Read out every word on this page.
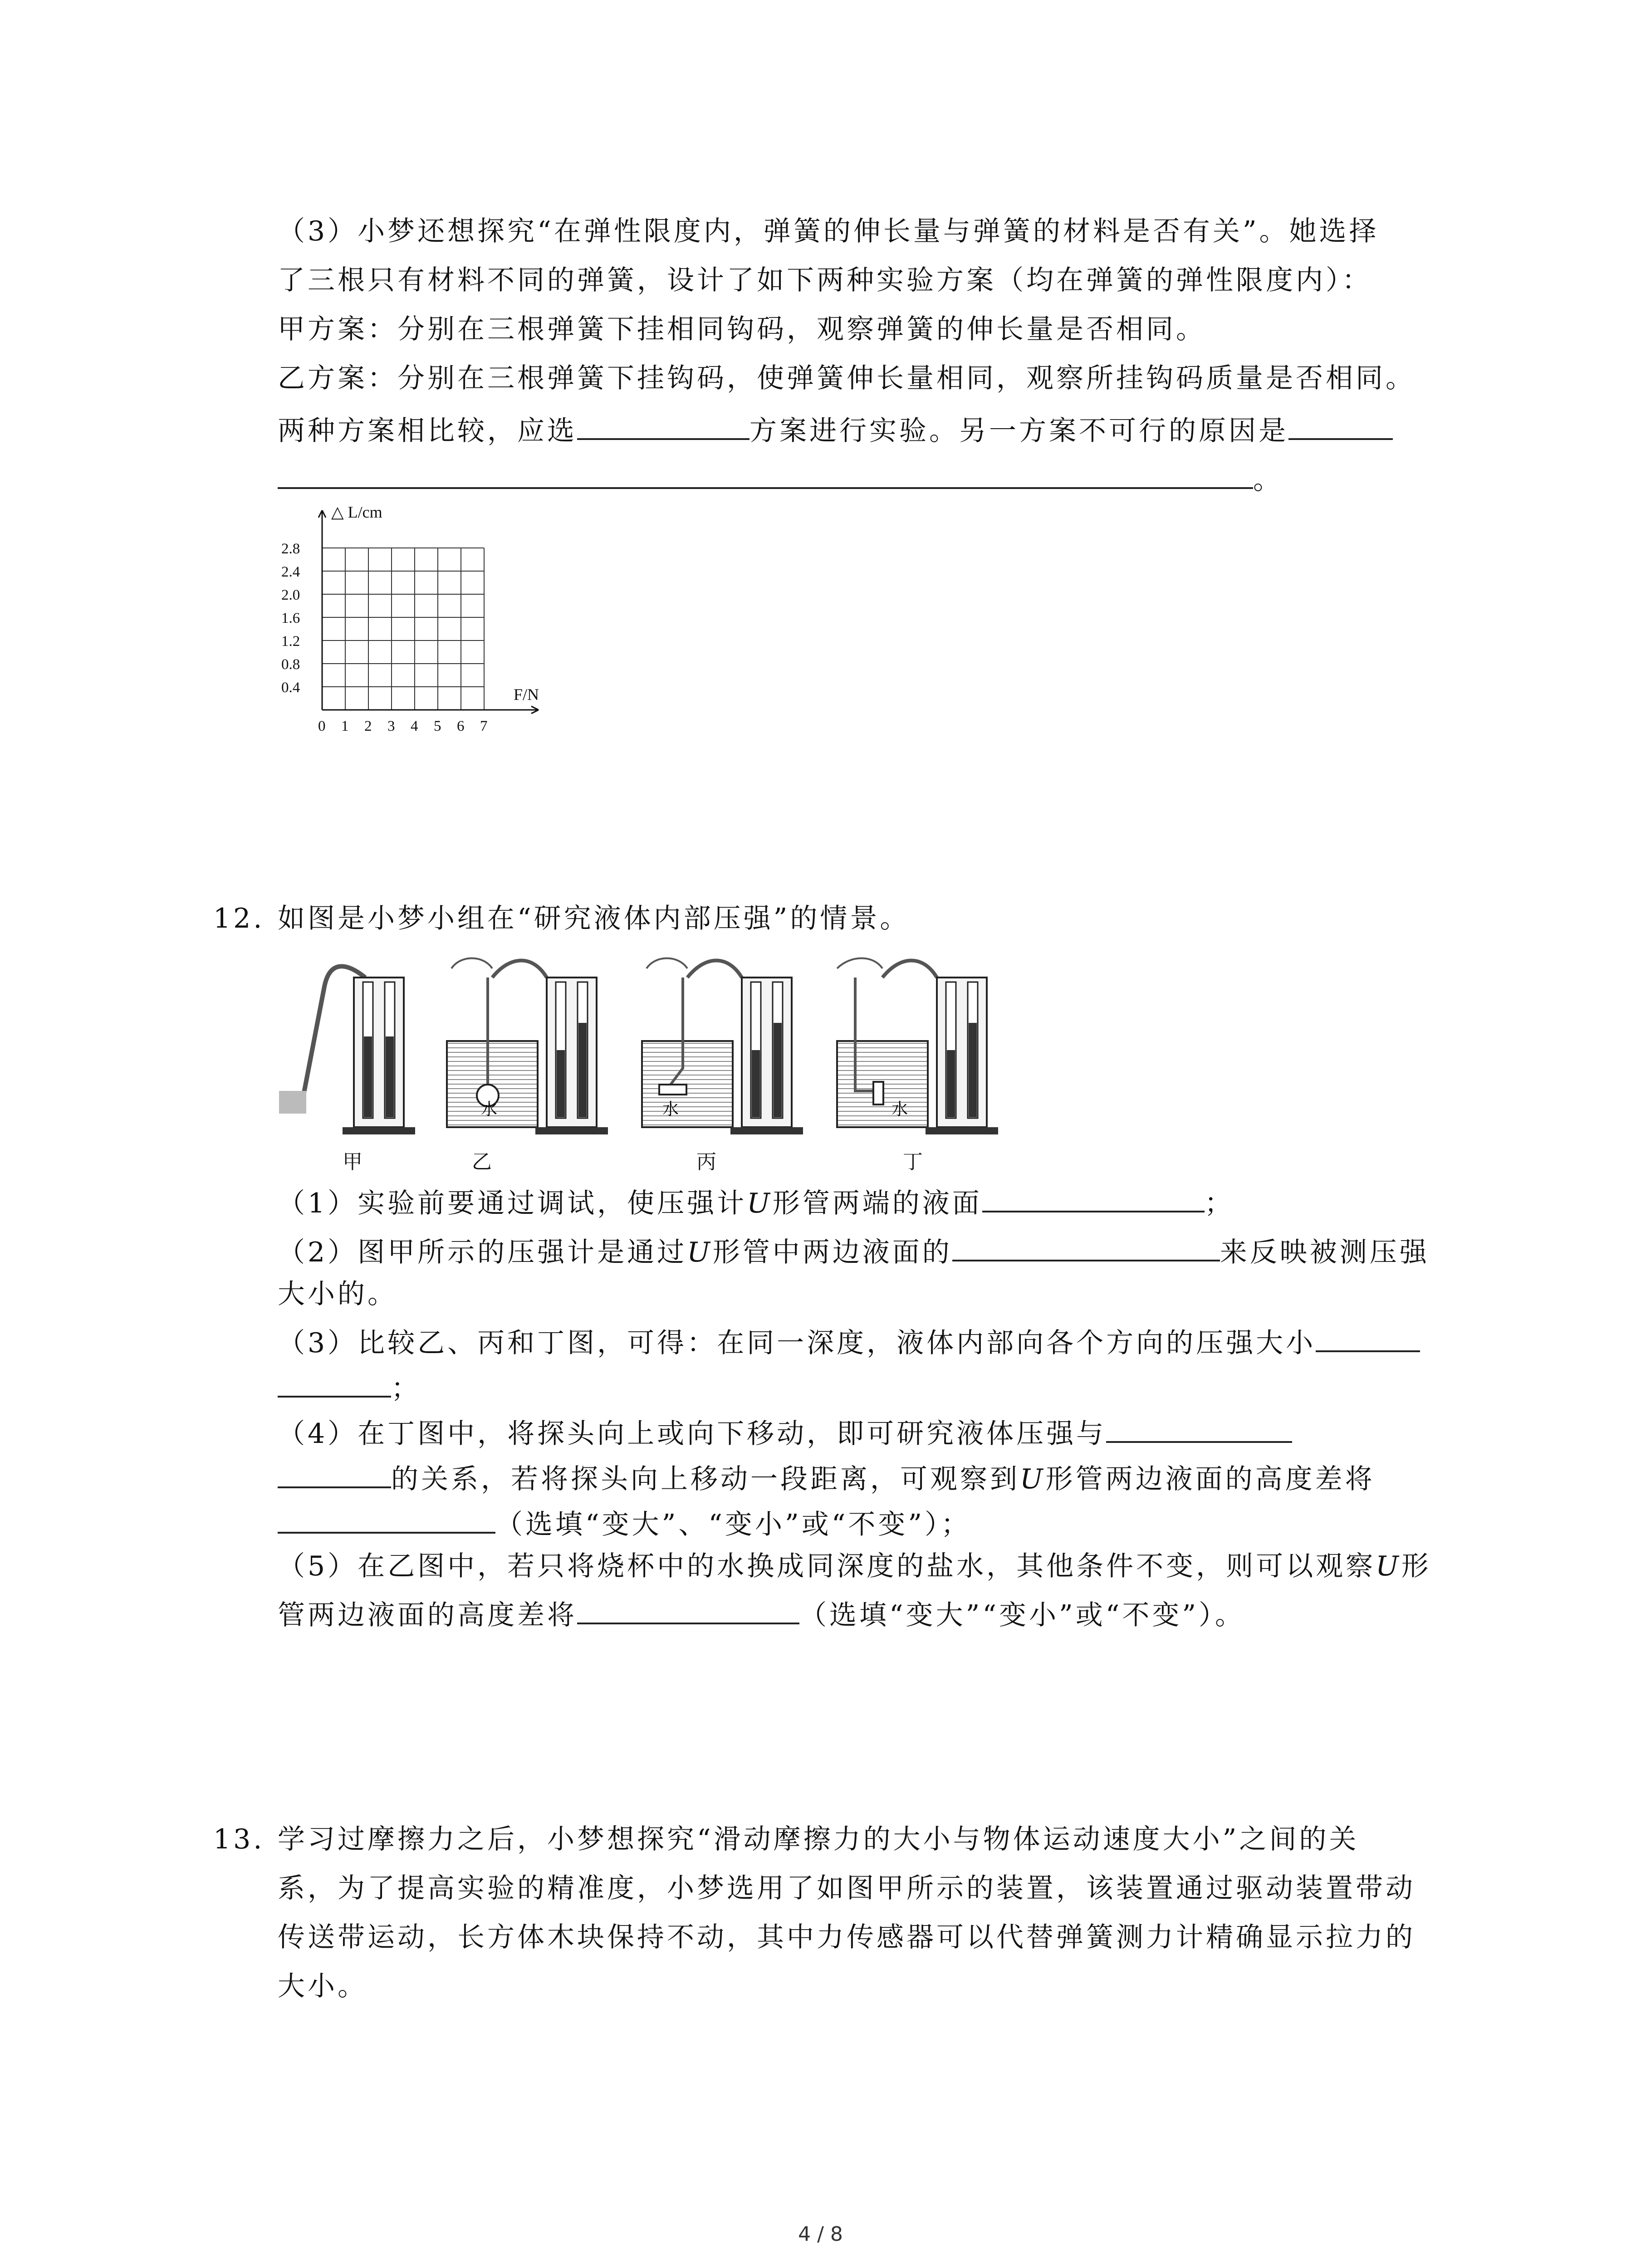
（3）小梦还想探究“在弹性限度内，弹簧的伸长量与弹簧的材料是否有关”。她选择
了三根只有材料不同的弹簧，设计了如下两种实验方案（均在弹簧的弹性限度内）：
甲方案：分别在三根弹簧下挂相同钩码，观察弹簧的伸长量是否相同。
乙方案：分别在三根弹簧下挂钩码，使弹簧伸长量相同，观察所挂钩码质量是否相同。
两种方案相比较，应选	方案进行实验。另一方案不可行的原因是
。
△ L/cm
F/N
2.8
2.4
2.0
1.6
1.2
0.8
0.4
0 1 2 3 4 5 6 7
12. 如图是小梦小组在“研究液体内部压强”的情景。
水	水	水
甲	乙	丙	丁
（1）实验前要通过调试，使压强计U形管两端的液面	；
（2）图甲所示的压强计是通过U形管中两边液面的	来反映被测压强
大小的。
（3）比较乙、丙和丁图，可得：在同一深度，液体内部向各个方向的压强大小
；
（4）在丁图中，将探头向上或向下移动，即可研究液体压强与
的关系，若将探头向上移动一段距离，可观察到U形管两边液面的高度差将
（选填“变大”、“变小”或“不变”）；
（5）在乙图中，若只将烧杯中的水换成同深度的盐水，其他条件不变，则可以观察U形
管两边液面的高度差将	（选填“变大”“变小”或“不变”）。
13. 学习过摩擦力之后，小梦想探究“滑动摩擦力的大小与物体运动速度大小”之间的关
系，为了提高实验的精准度，小梦选用了如图甲所示的装置，该装置通过驱动装置带动
传送带运动，长方体木块保持不动，其中力传感器可以代替弹簧测力计精确显示拉力的
大小。
4 / 8
